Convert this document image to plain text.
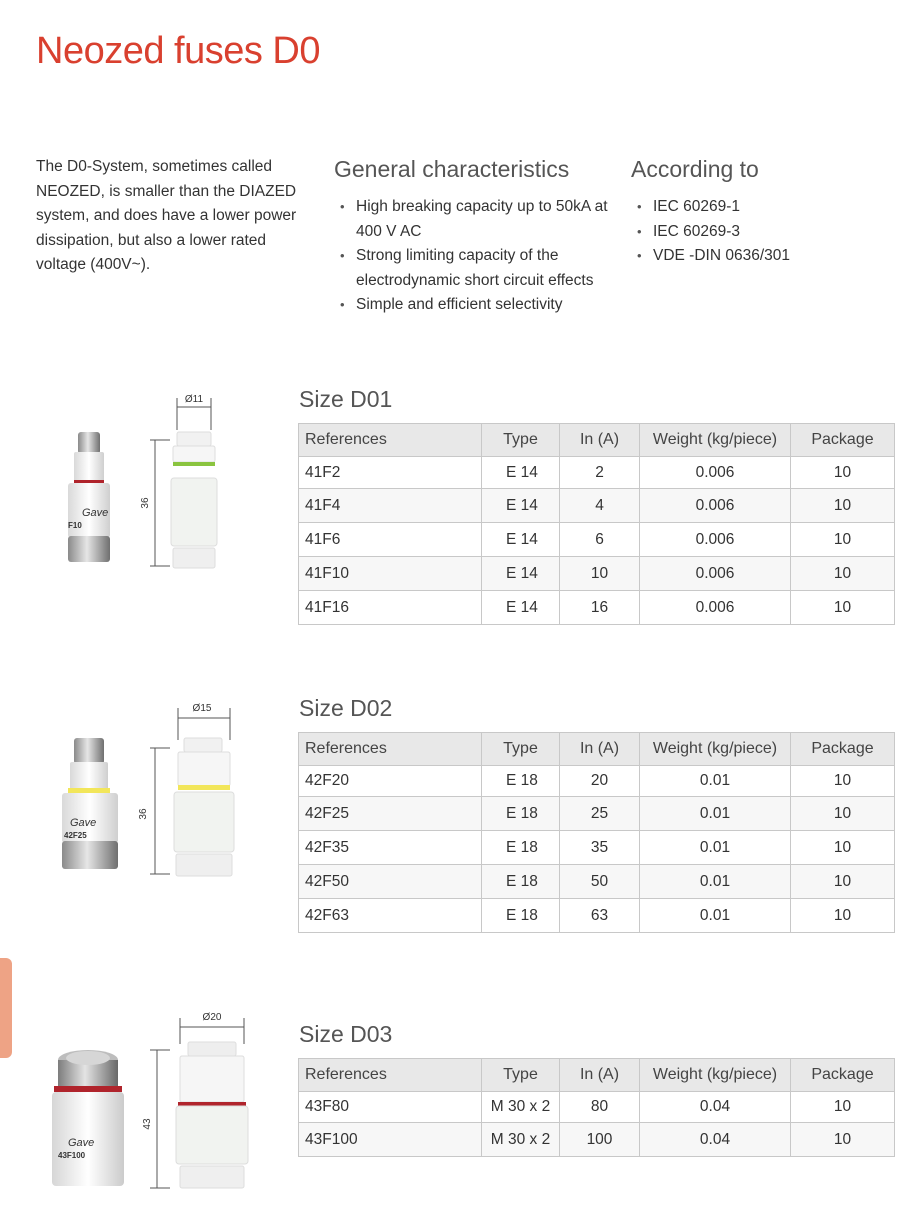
Neozed fuses D0
The D0-System, sometimes called NEOZED, is smaller than the DIAZED system, and does have a lower power dissipation, but also a lower rated voltage (400V~).
General characteristics
• High breaking capacity up to 50kA at 400 V AC
• Strong limiting capacity of the electrodynamic short circuit effects
• Simple and efficient selectivity
According to
• IEC 60269-1
• IEC 60269-3
• VDE -DIN 0636/301
Gave
F10
Ø11
36
Size D01
References	Type	In (A)	Weight (kg/piece)	Package
41F2	E 14	2	0.006	10
41F4	E 14	4	0.006	10
41F6	E 14	6	0.006	10
41F10	E 14	10	0.006	10
41F16	E 14	16	0.006	10
Gave
42F25
Ø15
36
Size D02
References	Type	In (A)	Weight (kg/piece)	Package
42F20	E 18	20	0.01	10
42F25	E 18	25	0.01	10
42F35	E 18	35	0.01	10
42F50	E 18	50	0.01	10
42F63	E 18	63	0.01	10
Gave
43F100
Ø20
43
Size D03
References	Type	In (A)	Weight (kg/piece)	Package
43F80	M 30 x 2	80	0.04	10
43F100	M 30 x 2	100	0.04	10
